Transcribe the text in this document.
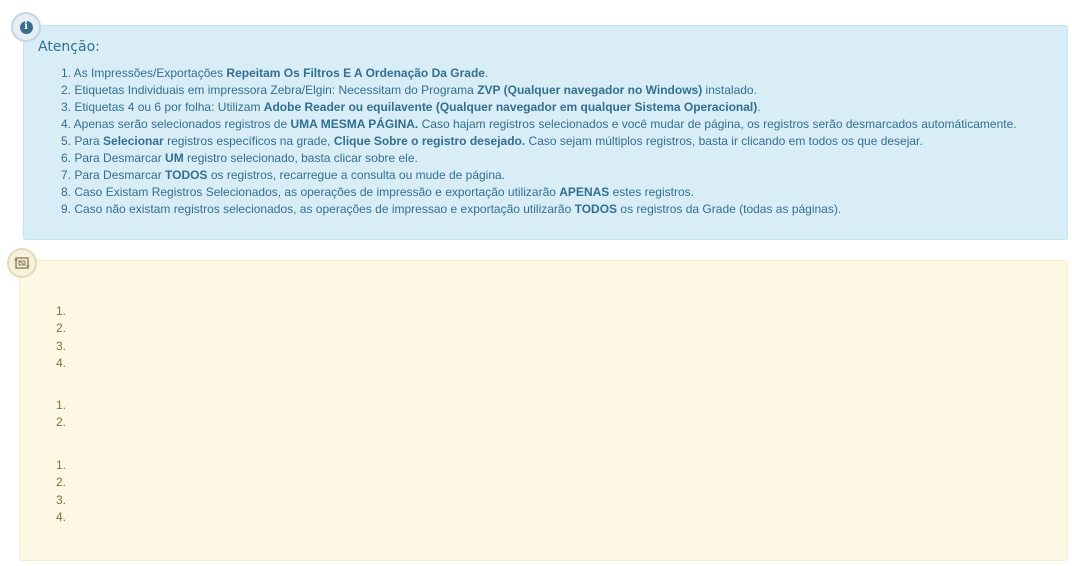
Atenção:
1. As Impressões/Exportações Repeitam Os Filtros E A Ordenação Da Grade.
2. Etiquetas Individuais em impressora Zebra/Elgin: Necessitam do Programa ZVP (Qualquer navegador no Windows) instalado.
3. Etiquetas 4 ou 6 por folha: Utilizam Adobe Reader ou equilavente (Qualquer navegador em qualquer Sistema Operacional).
4. Apenas serão selecionados registros de UMA MESMA PÁGINA. Caso hajam registros selecionados e você mudar de página, os registros serão desmarcados automáticamente.
5. Para Selecionar registros específicos na grade, Clique Sobre o registro desejado. Caso sejam múltiplos registros, basta ir clicando em todos os que desejar.
6. Para Desmarcar UM registro selecionado, basta clicar sobre ele.
7. Para Desmarcar TODOS os registros, recarregue a consulta ou mude de página.
8. Caso Existam Registros Selecionados, as operações de impressão e exportação utilizarão APENAS estes registros.
9. Caso não existam registros selecionados, as operações de impressao e exportação utilizarão TODOS os registros da Grade (todas as páginas).
i
1.
2.
3.
4.
1.
2.
1.
2.
3.
4.
